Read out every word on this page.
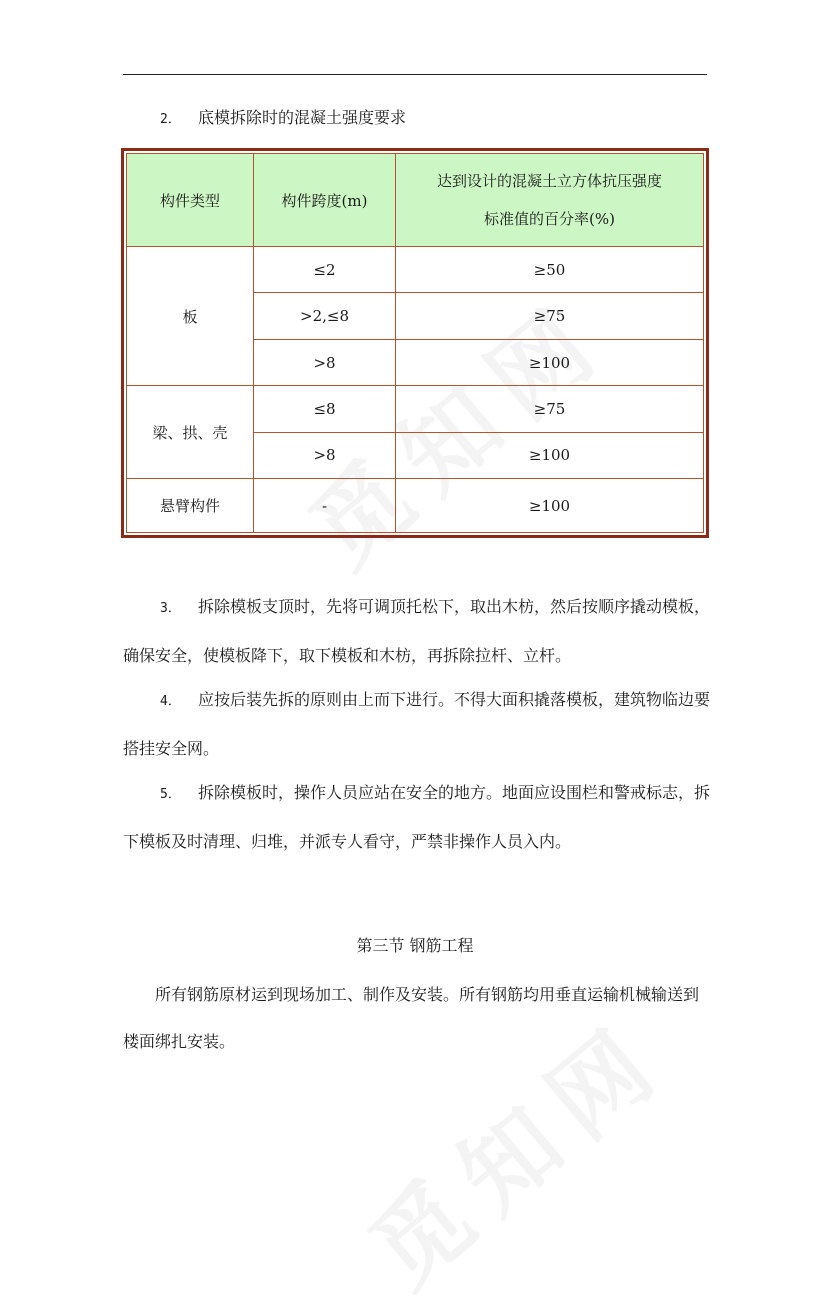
2． 底模拆除时的混凝土强度要求

构件类型	构件跨度(m)	达到设计的混凝土立方体抗压强度
标准值的百分率(%)

板	≤2	≥50
	>2,≤8	≥75
	>8	≥100
梁、拱、壳	≤8	≥75
	>8	≥100
悬臂构件	-	≥100

3． 拆除模板支顶时，先将可调顶托松下，取出木枋，然后按顺序撬动模板，确保安全，使模板降下，取下模板和木枋，再拆除拉杆、立杆。

4． 应按后装先拆的原则由上而下进行。不得大面积撬落模板，建筑物临边要搭挂安全网。

5． 拆除模板时，操作人员应站在安全的地方。地面应设围栏和警戒标志，拆下模板及时清理、归堆，并派专人看守，严禁非操作人员入内。

第三节 钢筋工程

所有钢筋原材运到现场加工、制作及安装。所有钢筋均用垂直运输机械输送到楼面绑扎安装。
